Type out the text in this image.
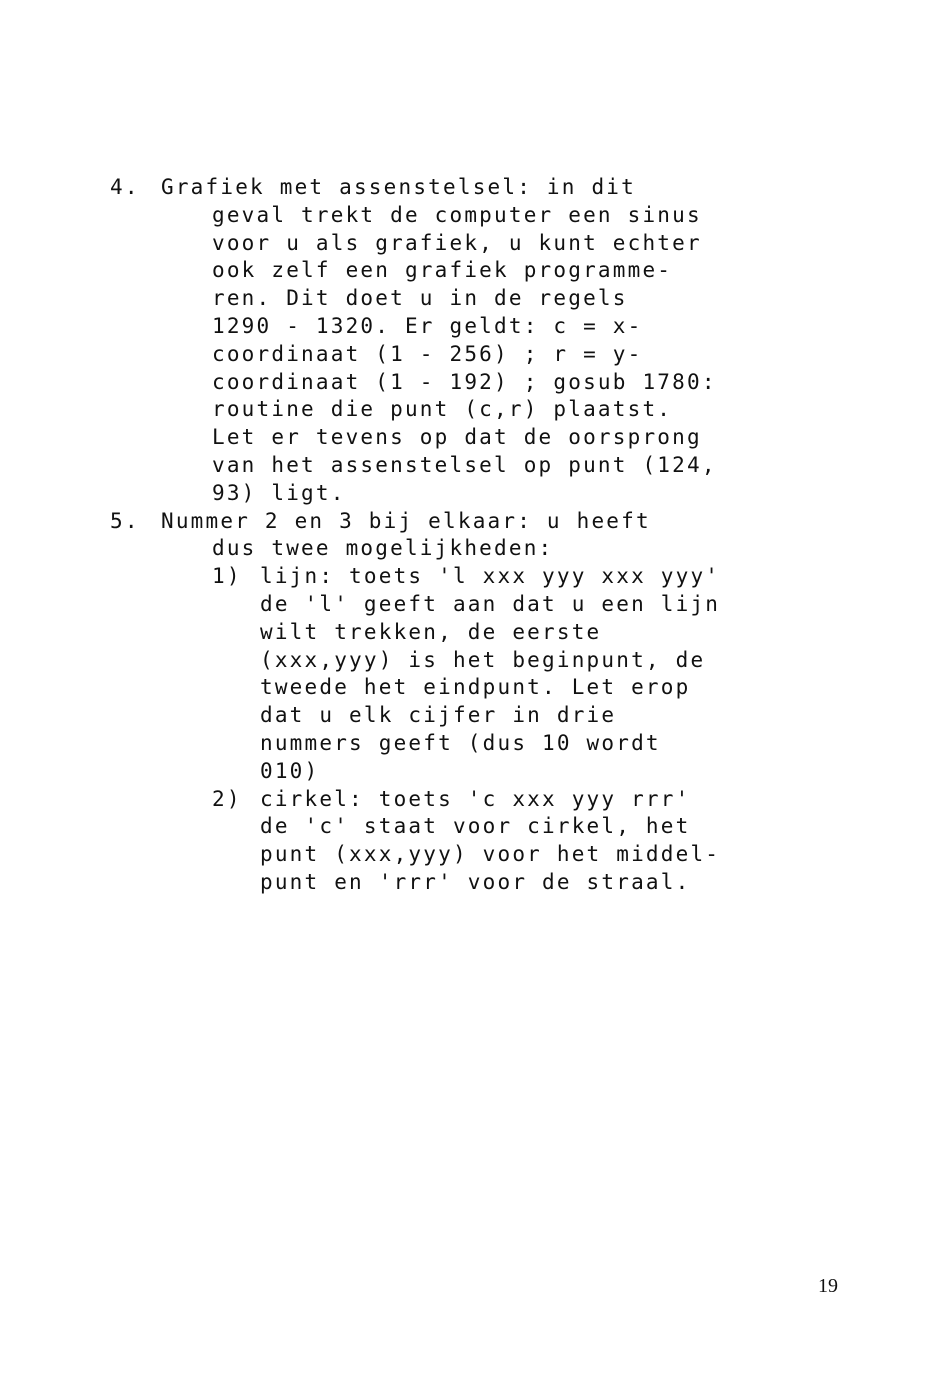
4.

Grafiek met assenstelsel: in dit

geval trekt de computer een sinus
voor u als grafiek, u kunt echter
ook zelf een grafiek programme-
ren. Dit doet u in de regels
1290 - 1320. Er geldt: c = x-
coordinaat (1 - 256) ; r = y-
coordinaat (1 - 192) ; gosub 1780:
routine die punt (c,r) plaatst.
Let er tevens op dat de oorsprong
van het assenstelsel op punt (124,
93) ligt.

5.

Nummer 2 en 3 bij elkaar: u heeft

dus twee mogelijkheden:

1)

lijn: toets 'l xxx yyy xxx yyy'

de 'l' geeft aan dat u een lijn
wilt trekken, de eerste
(xxx,yyy) is het beginpunt, de
tweede het eindpunt. Let erop
dat u elk cijfer in drie
nummers geeft (dus 10 wordt
010)

2)

cirkel: toets 'c xxx yyy rrr'

de 'c' staat voor cirkel, het
punt (xxx,yyy) voor het middel-
punt en 'rrr' voor de straal.
19
